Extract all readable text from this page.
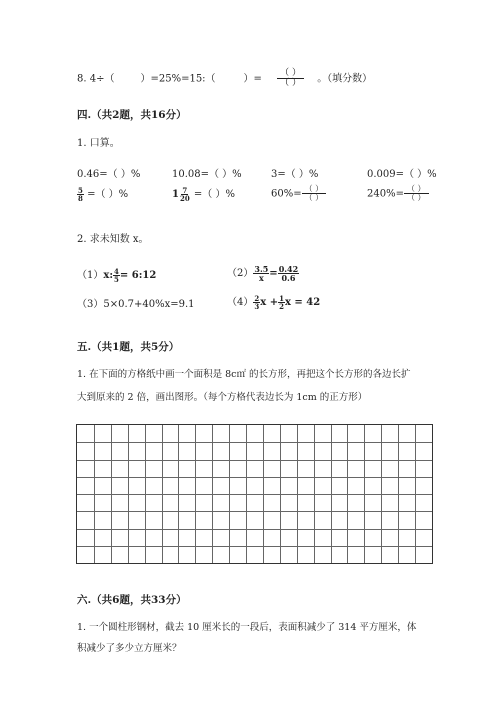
8. 4÷（	）=25%=15:（	）= $\frac{( )}{( )}$ 。（填分数）
四.（共2题，共16分）
1. 口算。
0.46=（ ）%	10.08=（ ）%	3=（ ）%	0.009=（ ）%
$\frac{5}{8}$ =（ ）%	$1 \frac{7}{20}$ =（ ）%	$60\%= \frac{( )}{( )}$	$240\%= \frac{( )}{( )}$
2. 求未知数 x。
（1）x: $\frac{4}{5}$ = 6:12	$(2) \frac{3.5}{x} = \frac{0.42}{0.6}$
（3）5×0.7+40%x=9.1	$(4) \frac{2}{3}$ $x + \frac{1}{2}$ x = 42
五.（共1题，共5分）
1. 在下面的方格纸中画一个面积是 8c㎡ 的长方形，再把这个长方形的各边长扩
大到原来的 2 倍，画出图形。（每个方格代表边长为 1cm 的正方形）
六.（共6题，共33分）
1. 一个圆柱形钢材，截去 10 厘米长的一段后，表面积减少了 314 平方厘米，体
积减少了多少立方厘米？
